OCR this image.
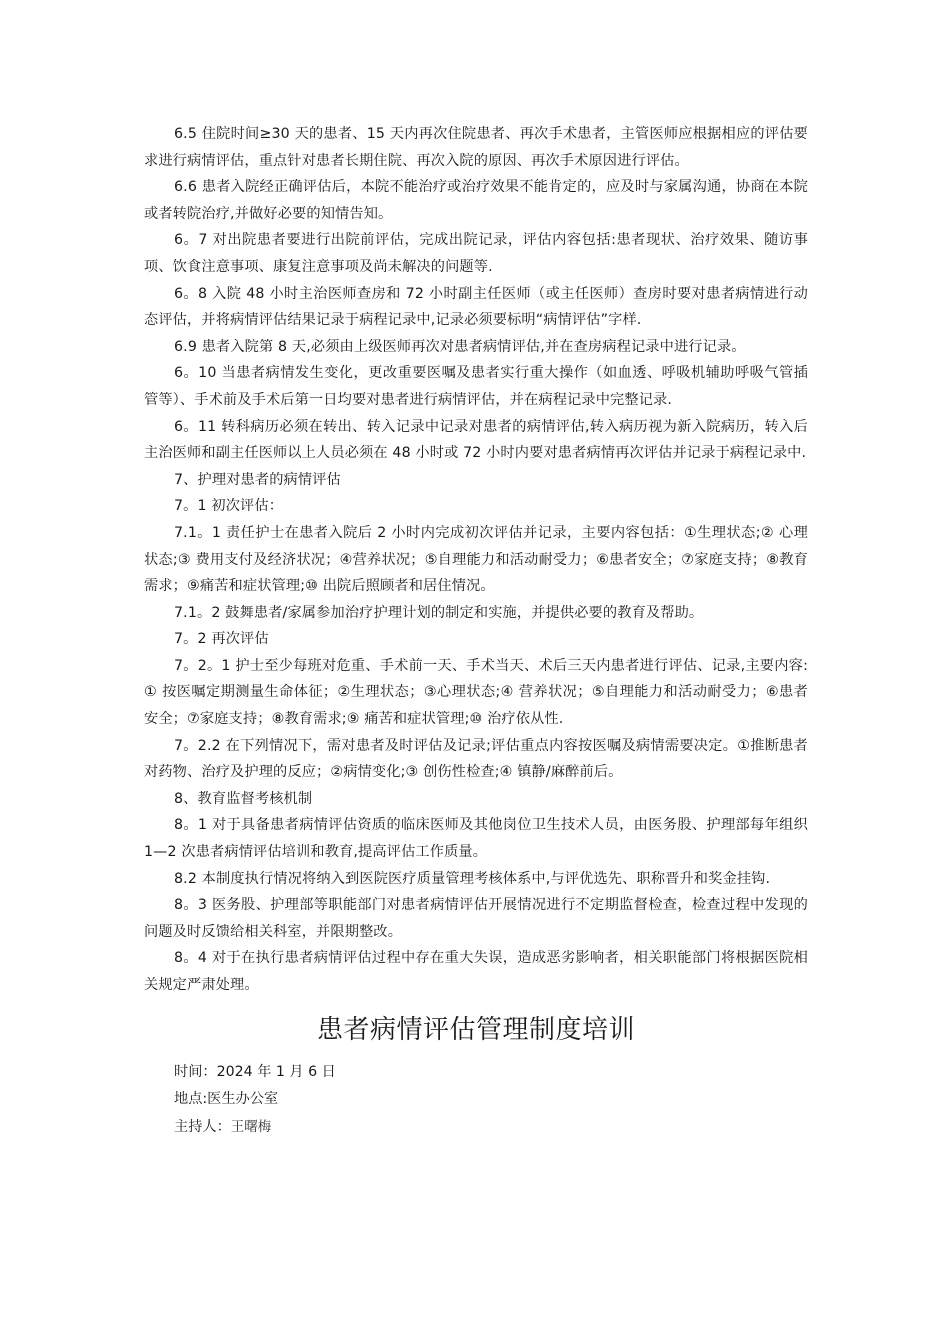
6.5 住院时间≥30 天的患者、15 天内再次住院患者、再次手术患者，主管医师应根据相应的评估要求进行病情评估，重点针对患者长期住院、再次入院的原因、再次手术原因进行评估。

6.6 患者入院经正确评估后，本院不能治疗或治疗效果不能肯定的，应及时与家属沟通，协商在本院或者转院治疗,并做好必要的知情告知。

6。7 对出院患者要进行出院前评估，完成出院记录，评估内容包括:患者现状、治疗效果、随访事项、饮食注意事项、康复注意事项及尚未解决的问题等.

6。8 入院 48 小时主治医师查房和 72 小时副主任医师（或主任医师）查房时要对患者病情进行动态评估，并将病情评估结果记录于病程记录中,记录必须要标明“病情评估”字样.

6.9 患者入院第 8 天,必须由上级医师再次对患者病情评估,并在查房病程记录中进行记录。

6。10 当患者病情发生变化，更改重要医嘱及患者实行重大操作（如血透、呼吸机辅助呼吸气管插管等）、手术前及手术后第一日均要对患者进行病情评估，并在病程记录中完整记录.

6。11 转科病历必须在转出、转入记录中记录对患者的病情评估,转入病历视为新入院病历，转入后主治医师和副主任医师以上人员必须在 48 小时或 72 小时内要对患者病情再次评估并记录于病程记录中.

7、护理对患者的病情评估

7。1 初次评估：

7.1。1 责任护士在患者入院后 2 小时内完成初次评估并记录，主要内容包括：①生理状态;② 心理状态;③ 费用支付及经济状况；④营养状况；⑤自理能力和活动耐受力；⑥患者安全；⑦家庭支持；⑧教育需求；⑨痛苦和症状管理;⑩ 出院后照顾者和居住情况。

7.1。2 鼓舞患者/家属参加治疗护理计划的制定和实施，并提供必要的教育及帮助。

7。2 再次评估

7。2。1 护士至少每班对危重、手术前一天、手术当天、术后三天内患者进行评估、记录,主要内容:① 按医嘱定期测量生命体征；②生理状态；③心理状态;④ 营养状况；⑤自理能力和活动耐受力；⑥患者安全；⑦家庭支持；⑧教育需求;⑨ 痛苦和症状管理;⑩ 治疗依从性.

7。2.2 在下列情况下，需对患者及时评估及记录;评估重点内容按医嘱及病情需要决定。①推断患者对药物、治疗及护理的反应；②病情变化;③ 创伤性检查;④ 镇静/麻醉前后。

8、教育监督考核机制

8。1 对于具备患者病情评估资质的临床医师及其他岗位卫生技术人员，由医务股、护理部每年组织 1—2 次患者病情评估培训和教育,提高评估工作质量。

8.2 本制度执行情况将纳入到医院医疗质量管理考核体系中,与评优选先、职称晋升和奖金挂钩.

8。3 医务股、护理部等职能部门对患者病情评估开展情况进行不定期监督检查，检查过程中发现的问题及时反馈给相关科室，并限期整改。

8。4 对于在执行患者病情评估过程中存在重大失误，造成恶劣影响者，相关职能部门将根据医院相关规定严肃处理。

患者病情评估管理制度培训

时间：2024 年 1 月 6 日

地点:医生办公室

主持人：王曙梅
